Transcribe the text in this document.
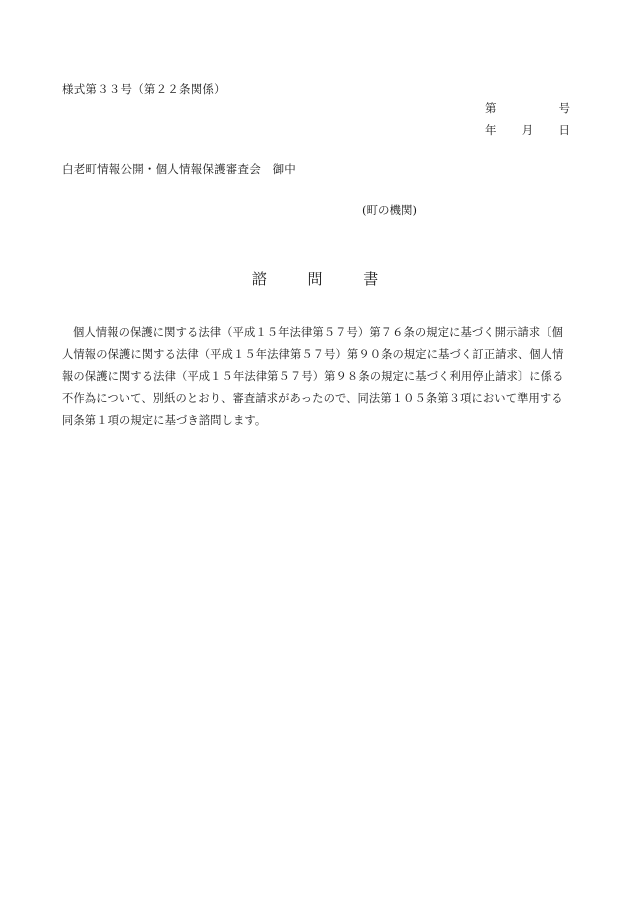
様式第３３号（第２２条関係）
第	号
年 月 日
白老町情報公開・個人情報保護審査会　御中
(町の機関)
諮	問	書
個人情報の保護に関する法律（平成１５年法律第５７号）第７６条の規定に基づく開示請求〔個人情報の保護に関する法律（平成１５年法律第５７号）第９０条の規定に基づく訂正請求、個人情報の保護に関する法律（平成１５年法律第５７号）第９８条の規定に基づく利用停止請求〕に係る不作為について、別紙のとおり、審査請求があったので、同法第１０５条第３項において準用する同条第１項の規定に基づき諮問します。
